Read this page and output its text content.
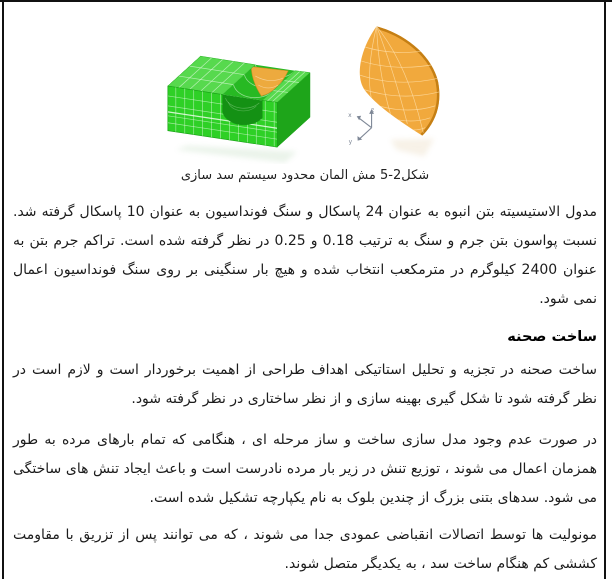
z
x
y

شکل2-5 مش المان محدود سیستم سد سازی

مدول الاستیسیته بتن انبوه به عنوان 24 پاسکال و سنگ فونداسیون به عنوان 10 پاسکال گرفته شد. نسبت پواسون بتن جرم و سنگ به ترتیب 0.18 و 0.25 در نظر گرفته شده است. تراکم جرم بتن به عنوان 2400 کیلوگرم در مترمکعب انتخاب شده و هیچ بار سنگینی بر روی سنگ فونداسیون اعمال نمی شود.

ساخت صحنه

ساخت صحنه در تجزیه و تحلیل استاتیکی اهداف طراحی از اهمیت برخوردار است و لازم است در نظر گرفته شود تا شکل گیری بهینه سازی و از نظر ساختاری در نظر گرفته شود.

در صورت عدم وجود مدل سازی ساخت و ساز مرحله ای ، هنگامی که تمام بارهای مرده به طور همزمان اعمال می شوند ، توزیع تنش در زیر بار مرده نادرست است و باعث ایجاد تنش های ساختگی می شود. سدهای بتنی بزرگ از چندین بلوک به نام یکپارچه تشکیل شده است.

مونولیت ها توسط اتصالات انقباضی عمودی جدا می شوند ، که می توانند پس از تزریق با مقاومت کششی کم هنگام ساخت سد ، به یکدیگر متصل شوند.
